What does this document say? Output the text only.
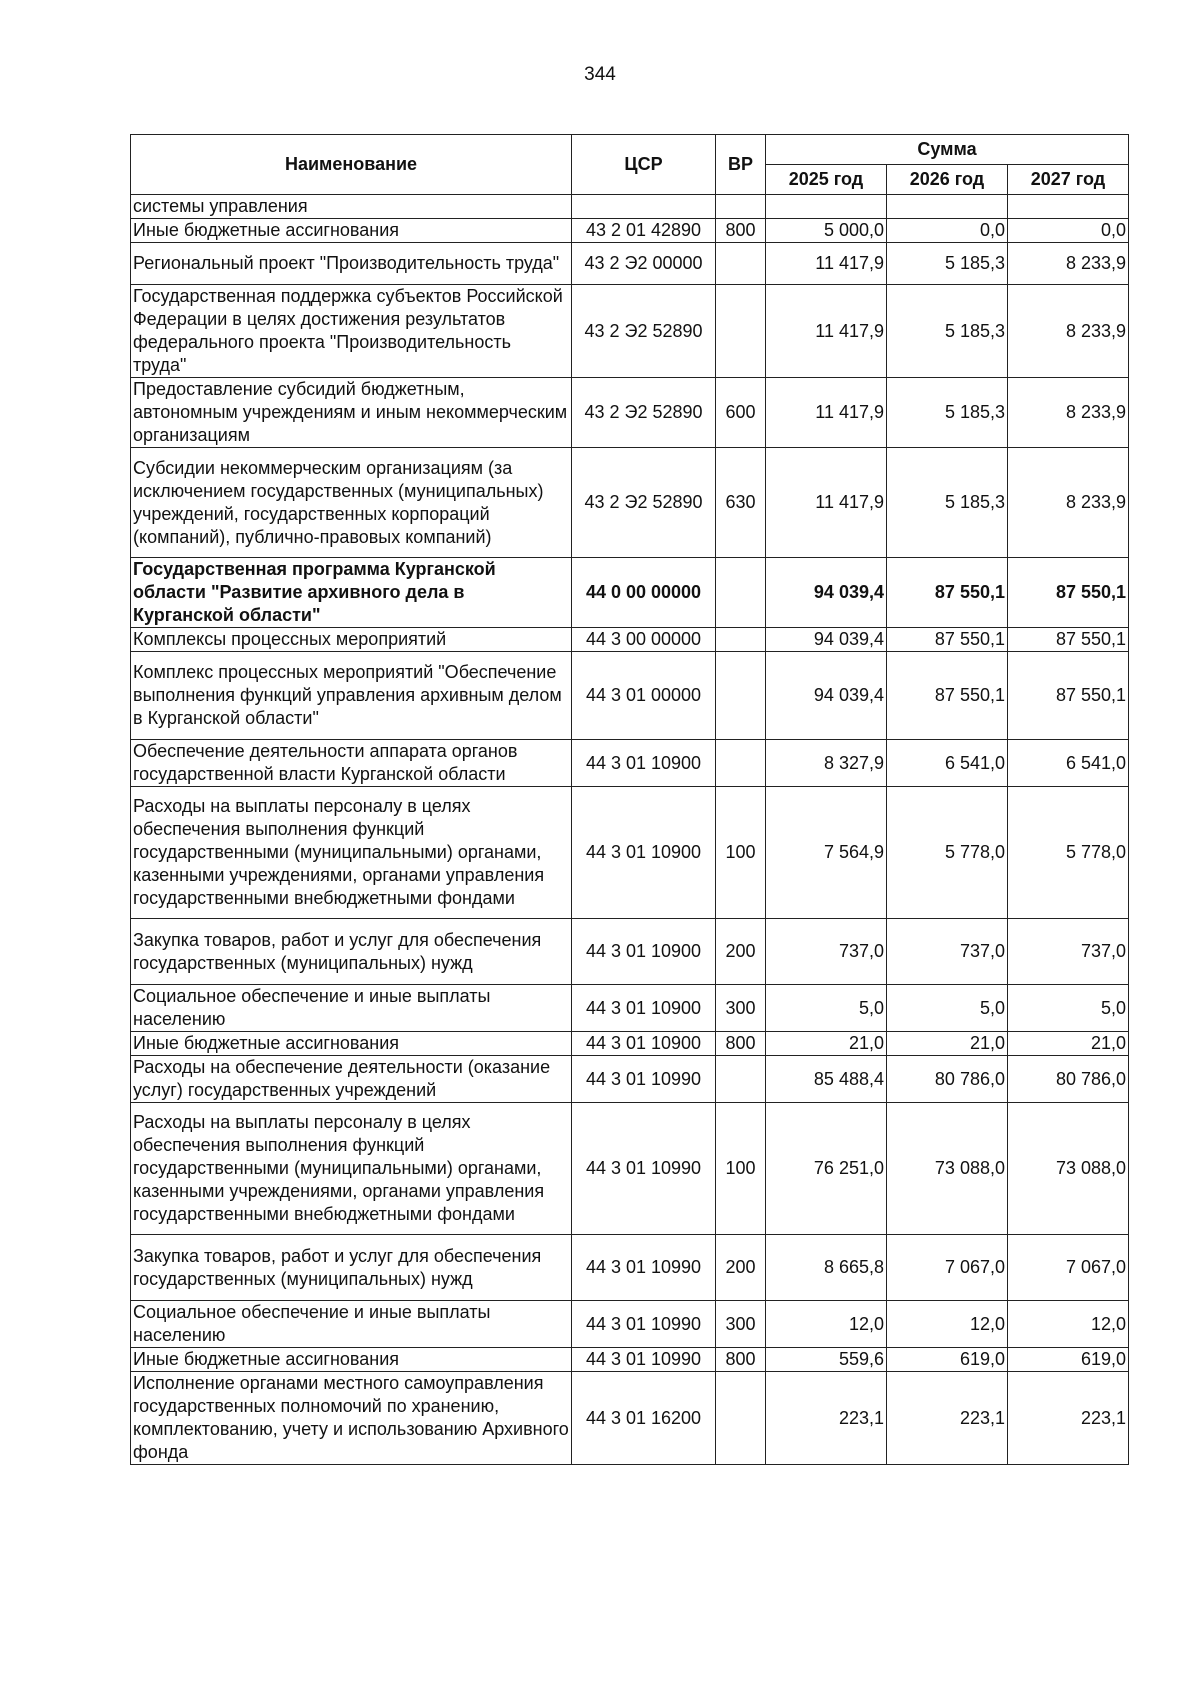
344
Наименование	ЦСР	ВР	Сумма		
			2025 год	2026 год	2027 год
системы управления					
Иные бюджетные ассигнования	43 2 01 42890	800	5 000,0	0,0	0,0
Региональный проект "Производительность труда"	43 2 Э2 00000		11 417,9	5 185,3	8 233,9
Государственная поддержка субъектов Российской Федерации в целях достижения результатов федерального проекта "Производительность труда"	43 2 Э2 52890		11 417,9	5 185,3	8 233,9
Предоставление субсидий бюджетным, автономным учреждениям и иным некоммерческим организациям	43 2 Э2 52890	600	11 417,9	5 185,3	8 233,9
Субсидии некоммерческим организациям (за исключением государственных (муниципальных) учреждений, государственных корпораций (компаний), публично-правовых компаний)	43 2 Э2 52890	630	11 417,9	5 185,3	8 233,9
Государственная программа Курганской области "Развитие архивного дела в Курганской области"	44 0 00 00000		94 039,4	87 550,1	87 550,1
Комплексы процессных мероприятий	44 3 00 00000		94 039,4	87 550,1	87 550,1
Комплекс процессных мероприятий "Обеспечение выполнения функций управления архивным делом в Курганской области"	44 3 01 00000		94 039,4	87 550,1	87 550,1
Обеспечение деятельности аппарата органов государственной власти Курганской области	44 3 01 10900		8 327,9	6 541,0	6 541,0
Расходы на выплаты персоналу в целях обеспечения выполнения функций государственными (муниципальными) органами, казенными учреждениями, органами управления государственными внебюджетными фондами	44 3 01 10900	100	7 564,9	5 778,0	5 778,0
Закупка товаров, работ и услуг для обеспечения государственных (муниципальных) нужд	44 3 01 10900	200	737,0	737,0	737,0
Социальное обеспечение и иные выплаты населению	44 3 01 10900	300	5,0	5,0	5,0
Иные бюджетные ассигнования	44 3 01 10900	800	21,0	21,0	21,0
Расходы на обеспечение деятельности (оказание услуг) государственных учреждений	44 3 01 10990		85 488,4	80 786,0	80 786,0
Расходы на выплаты персоналу в целях обеспечения выполнения функций государственными (муниципальными) органами, казенными учреждениями, органами управления государственными внебюджетными фондами	44 3 01 10990	100	76 251,0	73 088,0	73 088,0
Закупка товаров, работ и услуг для обеспечения государственных (муниципальных) нужд	44 3 01 10990	200	8 665,8	7 067,0	7 067,0
Социальное обеспечение и иные выплаты населению	44 3 01 10990	300	12,0	12,0	12,0
Иные бюджетные ассигнования	44 3 01 10990	800	559,6	619,0	619,0
Исполнение органами местного самоуправления государственных полномочий по хранению, комплектованию, учету и использованию Архивного фонда	44 3 01 16200		223,1	223,1	223,1
